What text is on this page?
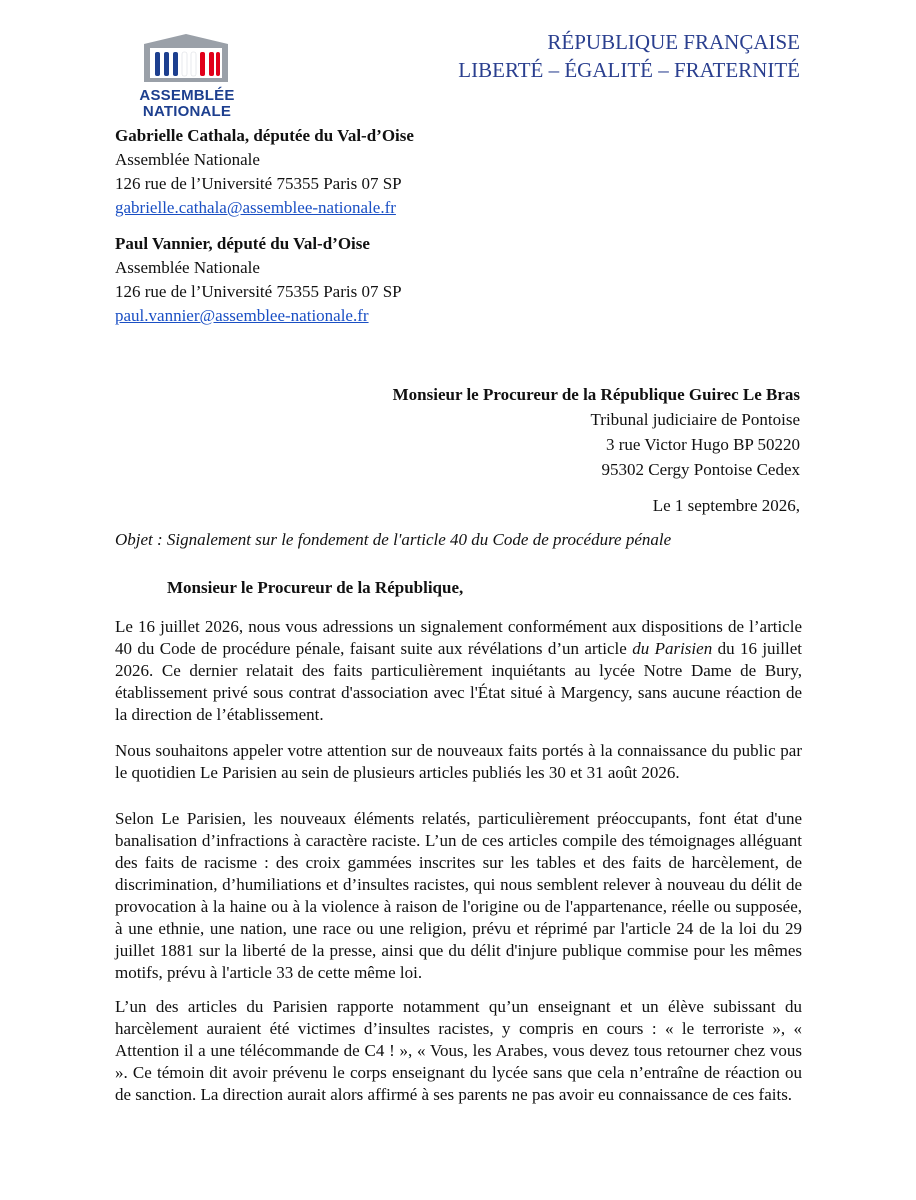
ASSEMBLÉE
NATIONALE
RÉPUBLIQUE FRANÇAISE
LIBERTÉ – ÉGALITÉ – FRATERNITÉ
Gabrielle Cathala, députée du Val-d’Oise
Assemblée Nationale
126 rue de l’Université 75355 Paris 07 SP
gabrielle.cathala@assemblee-nationale.fr
Paul Vannier, député du Val-d’Oise
Assemblée Nationale
126 rue de l’Université 75355 Paris 07 SP
paul.vannier@assemblee-nationale.fr
Monsieur le Procureur de la République Guirec Le Bras
Tribunal judiciaire de Pontoise
3 rue Victor Hugo BP 50220
95302 Cergy Pontoise Cedex
Le 1 septembre 2026,
Objet : Signalement sur le fondement de l'article 40 du Code de procédure pénale
Monsieur le Procureur de la République,

Le 16 juillet 2026, nous vous adressions un signalement conformément aux dispositions de l’article 40 du Code de procédure pénale, faisant suite aux révélations d’un article du Parisien du 16 juillet 2026. Ce dernier relatait des faits particulièrement inquiétants au lycée Notre Dame de Bury, établissement privé sous contrat d'association avec l'État situé à Margency, sans aucune réaction de la direction de l’établissement.

Nous souhaitons appeler votre attention sur de nouveaux faits portés à la connaissance du public par le quotidien Le Parisien au sein de plusieurs articles publiés les 30 et 31 août 2026.

Selon Le Parisien, les nouveaux éléments relatés, particulièrement préoccupants, font état d'une banalisation d’infractions à caractère raciste. L’un de ces articles compile des témoignages alléguant des faits de racisme : des croix gammées inscrites sur les tables et des faits de harcèlement, de discrimination, d’humiliations et d’insultes racistes, qui nous semblent relever à nouveau du délit de provocation à la haine ou à la violence à raison de l'origine ou de l'appartenance, réelle ou supposée, à une ethnie, une nation, une race ou une religion, prévu et réprimé par l'article 24 de la loi du 29 juillet 1881 sur la liberté de la presse, ainsi que du délit d'injure publique commise pour les mêmes motifs, prévu à l'article 33 de cette même loi.

L’un des articles du Parisien rapporte notamment qu’un enseignant et un élève subissant du harcèlement auraient été victimes d’insultes racistes, y compris en cours : « le terroriste », « Attention il a une télécommande de C4 ! », « Vous, les Arabes, vous devez tous retourner chez vous ». Ce témoin dit avoir prévenu le corps enseignant du lycée sans que cela n’entraîne de réaction ou de sanction. La direction aurait alors affirmé à ses parents ne pas avoir eu connaissance de ces faits.
